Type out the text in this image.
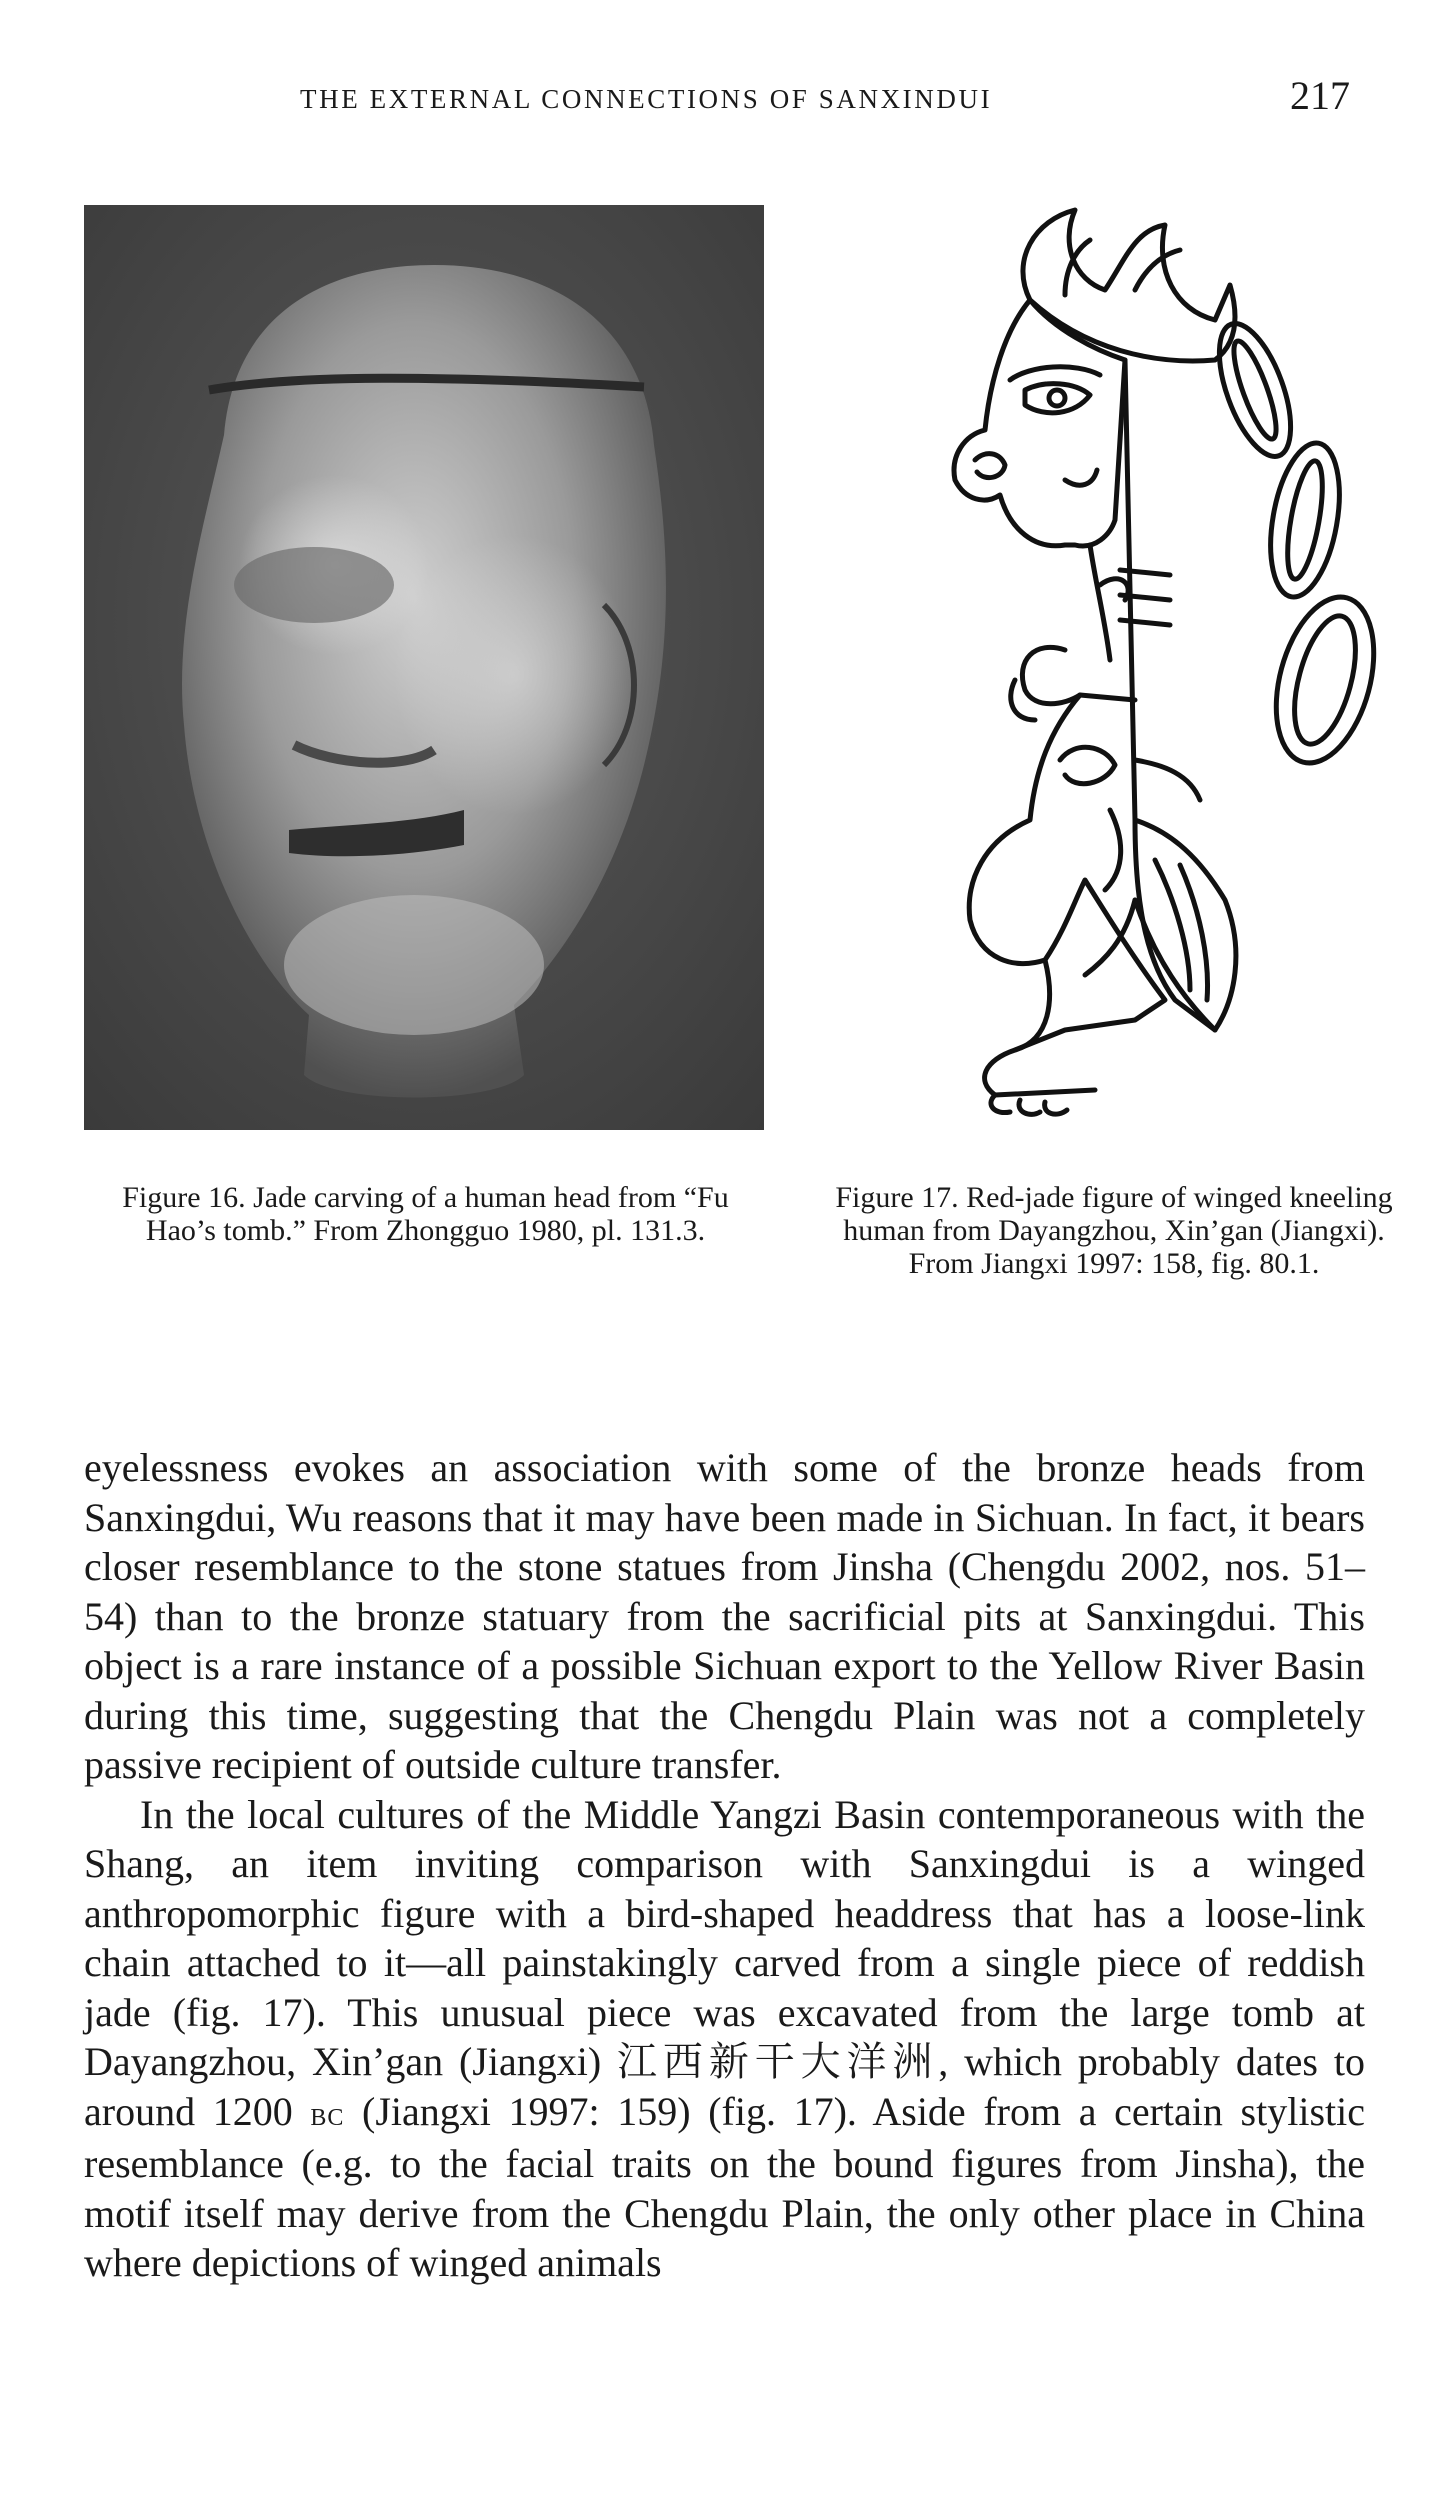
THE EXTERNAL CONNECTIONS OF SANXINDUI	217
Figure 16. Jade carving of a human head from “Fu Hao’s tomb.” From Zhongguo 1980, pl. 131.3.
Figure 17. Red-jade figure of winged kneeling human from Dayangzhou, Xin’gan (Jiangxi). From Jiangxi 1997: 158, fig. 80.1.

eyelessness evokes an association with some of the bronze heads from Sanxingdui, Wu reasons that it may have been made in Sichuan. In fact, it bears closer resemblance to the stone statues from Jinsha (Chengdu 2002, nos. 51–54) than to the bronze statuary from the sacrificial pits at Sanxingdui. This object is a rare instance of a possible Sichuan export to the Yellow River Basin during this time, suggesting that the Chengdu Plain was not a completely passive recipient of outside culture transfer.

In the local cultures of the Middle Yangzi Basin contemporaneous with the Shang, an item inviting comparison with Sanxingdui is a winged anthropomorphic figure with a bird-shaped headdress that has a loose-link chain attached to it—all painstakingly carved from a single piece of reddish jade (fig. 17). This unusual piece was excavated from the large tomb at Dayangzhou, Xin’gan (Jiangxi) 江西新干大洋洲, which probably dates to around 1200 bc (Jiangxi 1997: 159) (fig. 17). Aside from a certain stylistic resemblance (e.g. to the facial traits on the bound figures from Jinsha), the motif itself may derive from the Chengdu Plain, the only other place in China where depictions of winged animals
